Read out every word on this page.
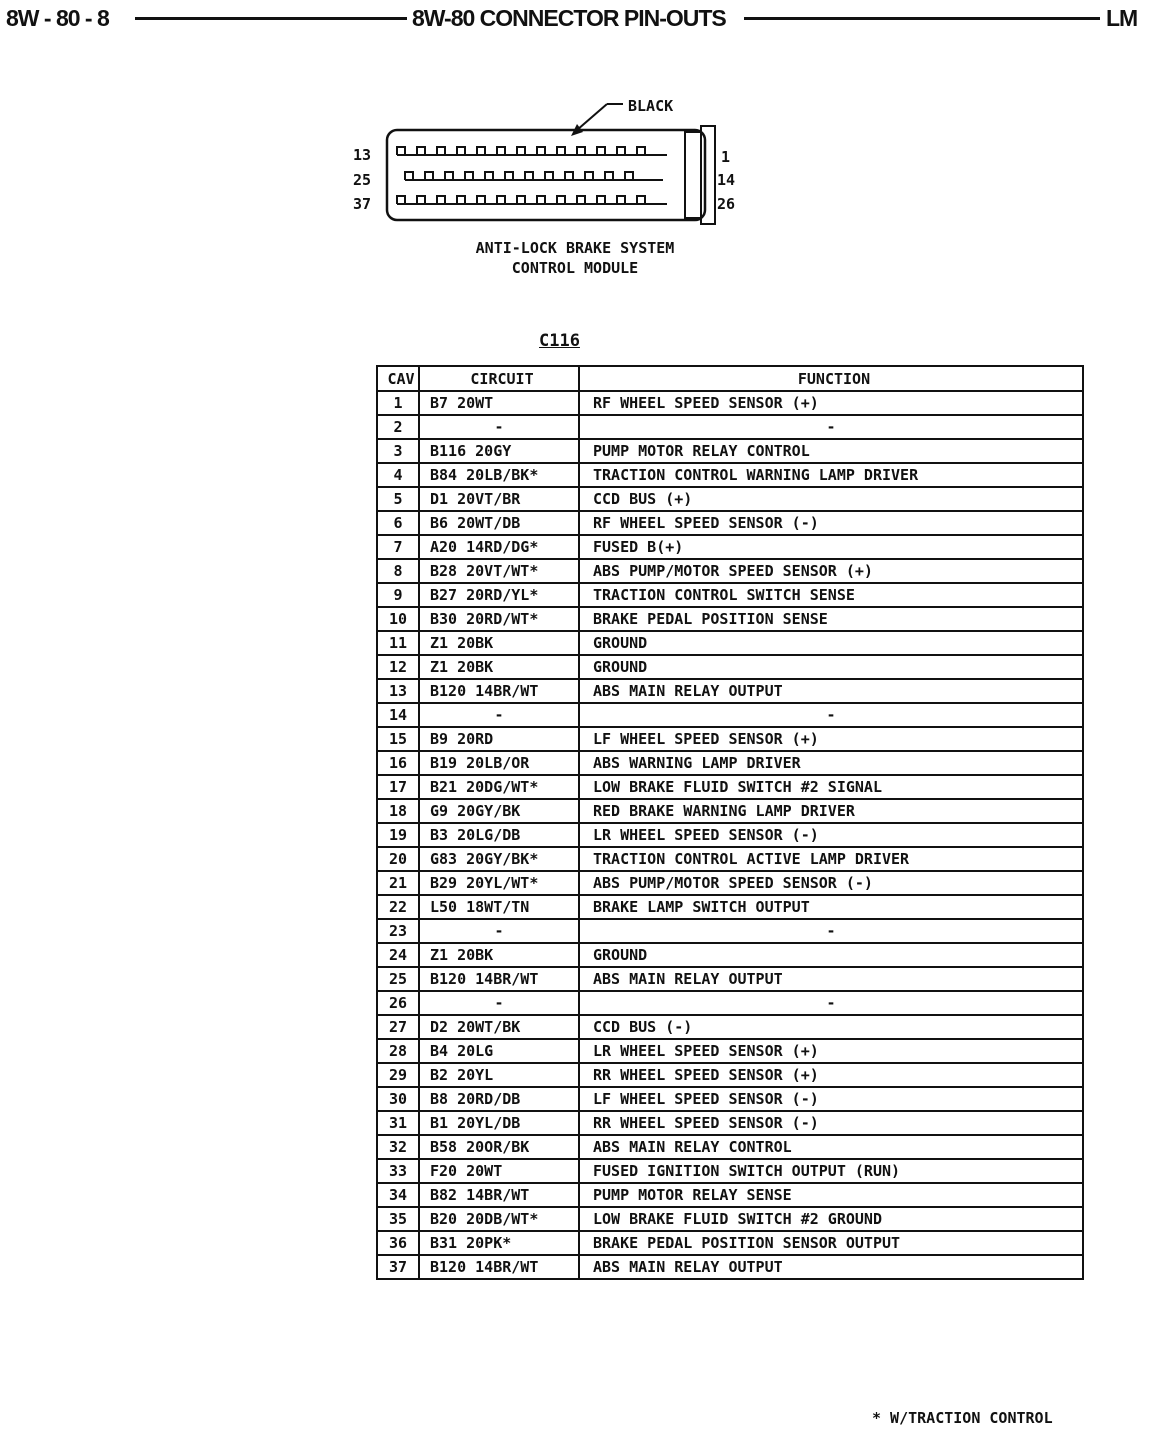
8W - 80 - 8	8W-80 CONNECTOR PIN-OUTS	LM
BLACK
13
25
37
1
14
26
ANTI-LOCK BRAKE SYSTEM
CONTROL MODULE
C116
CAV	CIRCUIT	FUNCTION
1	B7 20WT	RF WHEEL SPEED SENSOR (+)
2	-	-
3	B116 20GY	PUMP MOTOR RELAY CONTROL
4	B84 20LB/BK*	TRACTION CONTROL WARNING LAMP DRIVER
5	D1 20VT/BR	CCD BUS (+)
6	B6 20WT/DB	RF WHEEL SPEED SENSOR (-)
7	A20 14RD/DG*	FUSED B(+)
8	B28 20VT/WT*	ABS PUMP/MOTOR SPEED SENSOR (+)
9	B27 20RD/YL*	TRACTION CONTROL SWITCH SENSE
10	B30 20RD/WT*	BRAKE PEDAL POSITION SENSE
11	Z1 20BK	GROUND
12	Z1 20BK	GROUND
13	B120 14BR/WT	ABS MAIN RELAY OUTPUT
14	-	-
15	B9 20RD	LF WHEEL SPEED SENSOR (+)
16	B19 20LB/OR	ABS WARNING LAMP DRIVER
17	B21 20DG/WT*	LOW BRAKE FLUID SWITCH #2 SIGNAL
18	G9 20GY/BK	RED BRAKE WARNING LAMP DRIVER
19	B3 20LG/DB	LR WHEEL SPEED SENSOR (-)
20	G83 20GY/BK*	TRACTION CONTROL ACTIVE LAMP DRIVER
21	B29 20YL/WT*	ABS PUMP/MOTOR SPEED SENSOR (-)
22	L50 18WT/TN	BRAKE LAMP SWITCH OUTPUT
23	-	-
24	Z1 20BK	GROUND
25	B120 14BR/WT	ABS MAIN RELAY OUTPUT
26	-	-
27	D2 20WT/BK	CCD BUS (-)
28	B4 20LG	LR WHEEL SPEED SENSOR (+)
29	B2 20YL	RR WHEEL SPEED SENSOR (+)
30	B8 20RD/DB	LF WHEEL SPEED SENSOR (-)
31	B1 20YL/DB	RR WHEEL SPEED SENSOR (-)
32	B58 20OR/BK	ABS MAIN RELAY CONTROL
33	F20 20WT	FUSED IGNITION SWITCH OUTPUT (RUN)
34	B82 14BR/WT	PUMP MOTOR RELAY SENSE
35	B20 20DB/WT*	LOW BRAKE FLUID SWITCH #2 GROUND
36	B31 20PK*	BRAKE PEDAL POSITION SENSOR OUTPUT
37	B120 14BR/WT	ABS MAIN RELAY OUTPUT
* W/TRACTION CONTROL
